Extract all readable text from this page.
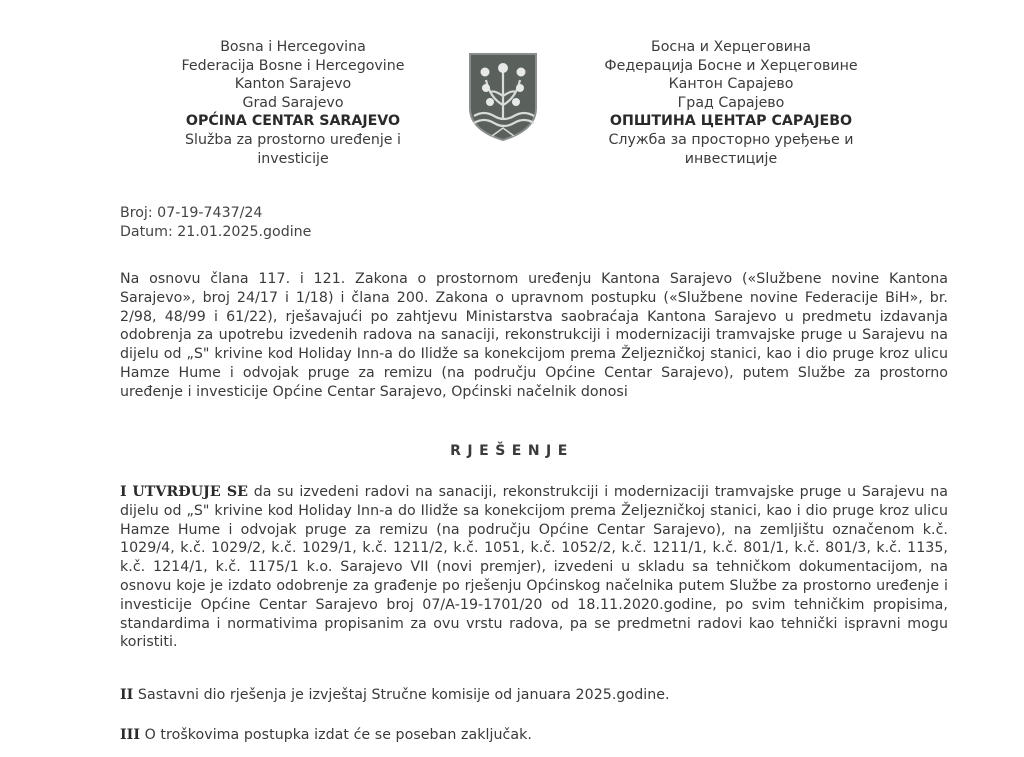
Bosna i Hercegovina
Federacija Bosne i Hercegovine
Kanton Sarajevo
Grad Sarajevo
OPĆINA CENTAR SARAJEVO
Služba za prostorno uređenje i
investicije
Босна и Херцеговина
Федерација Босне и Херцеговине
Кантон Сарајево
Град Сарајево
ОПШТИНА ЦЕНТАР САРАЈЕВО
Служба за просторно уређење и
инвестиције
Broj: 07-19-7437/24
Datum: 21.01.2025.godine
Na osnovu člana 117. i 121. Zakona o prostornom uređenju Kantona Sarajevo («Službene novine Kantona Sarajevo», broj 24/17 i 1/18) i člana 200. Zakona o upravnom postupku («Službene novine Federacije BiH», br. 2/98, 48/99 i 61/22), rješavajući po zahtjevu Ministarstva saobraćaja Kantona Sarajevo u predmetu izdavanja odobrenja za upotrebu izvedenih radova na sanaciji, rekonstrukciji i modernizaciji tramvajske pruge u Sarajevu na dijelu od „S" krivine kod Holiday Inn-a do Ilidže sa konekcijom prema Željezničkoj stanici, kao i dio pruge kroz ulicu Hamze Hume i odvojak pruge za remizu (na području Općine Centar Sarajevo), putem Službe za prostorno uređenje i investicije Općine Centar Sarajevo, Općinski načelnik donosi
RJEŠENJE
I UTVRĐUJE SE da su izvedeni radovi na sanaciji, rekonstrukciji i modernizaciji tramvajske pruge u Sarajevu na dijelu od „S" krivine kod Holiday Inn-a do Ilidže sa konekcijom prema Željezničkoj stanici, kao i dio pruge kroz ulicu Hamze Hume i odvojak pruge za remizu (na području Općine Centar Sarajevo), na zemljištu označenom k.č. 1029/4, k.č. 1029/2, k.č. 1029/1, k.č. 1211/2, k.č. 1051, k.č. 1052/2, k.č. 1211/1, k.č. 801/1, k.č. 801/3, k.č. 1135, k.č. 1214/1, k.č. 1175/1 k.o. Sarajevo VII (novi premjer), izvedeni u skladu sa tehničkom dokumentacijom, na osnovu koje je izdato odobrenje za građenje po rješenju Općinskog načelnika putem Službe za prostorno uređenje i investicije Općine Centar Sarajevo broj 07/A-19-1701/20 od 18.11.2020.godine, po svim tehničkim propisima, standardima i normativima propisanim za ovu vrstu radova, pa se predmetni radovi kao tehnički ispravni mogu koristiti.
II Sastavni dio rješenja je izvještaj Stručne komisije od januara 2025.godine.
III O troškovima postupka izdat će se poseban zaključak.
